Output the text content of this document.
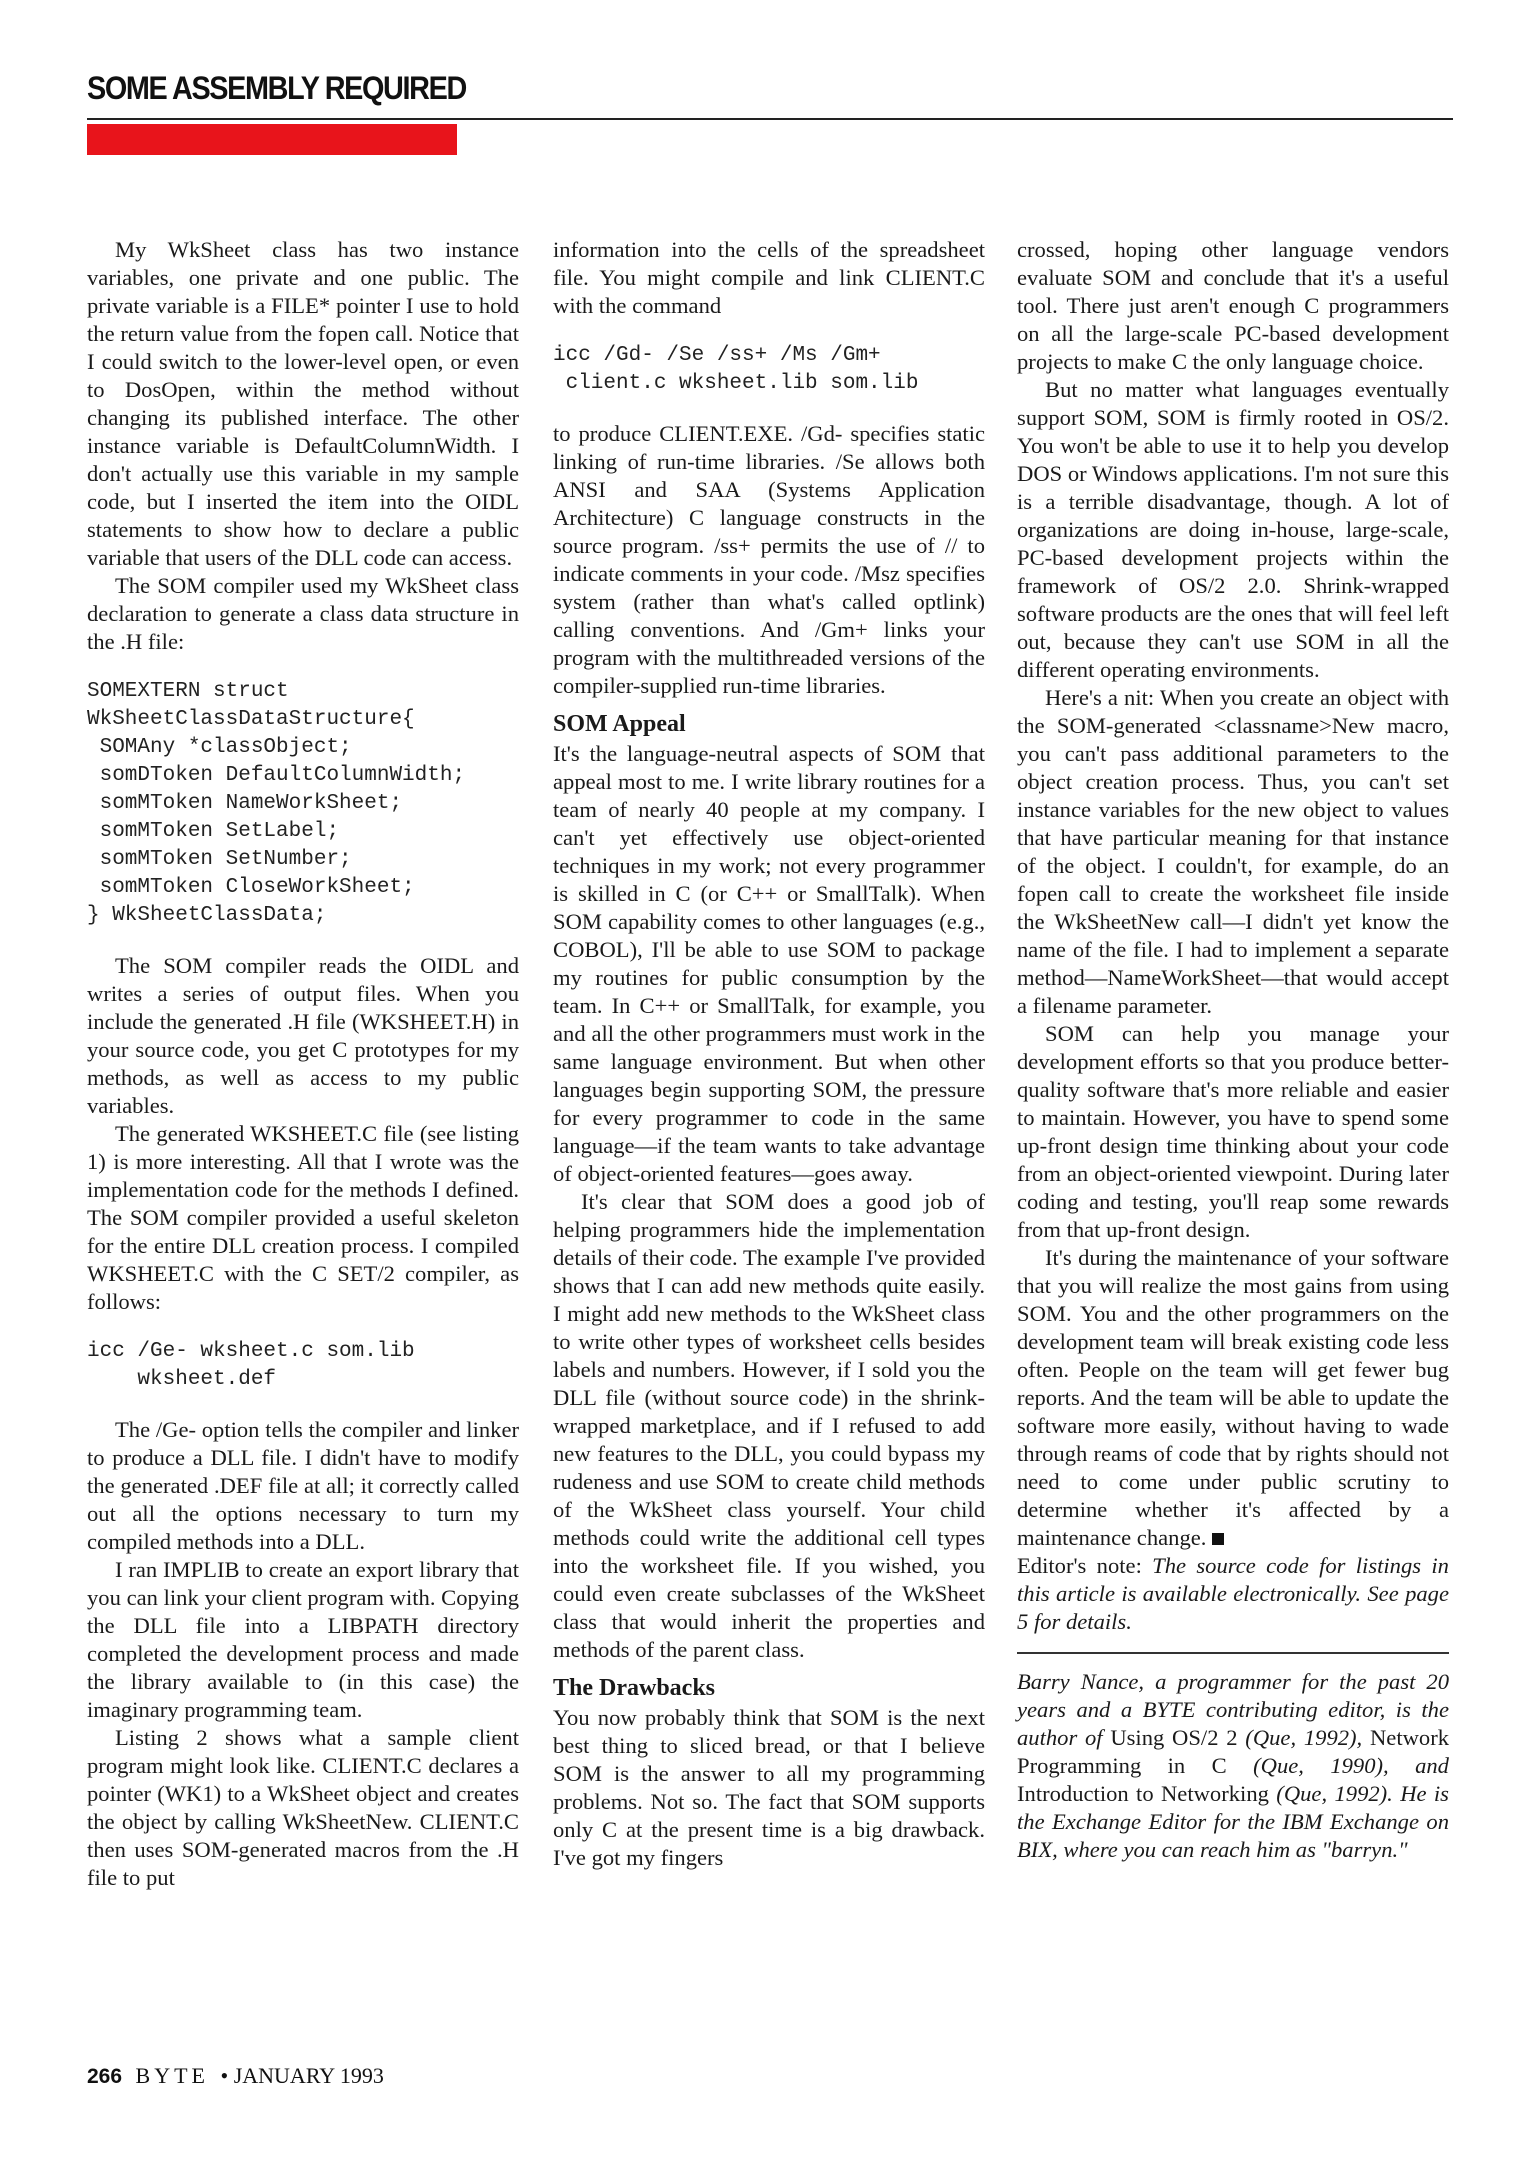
SOME ASSEMBLY REQUIRED

My WkSheet class has two instance variables, one private and one public. The private variable is a FILE* pointer I use to hold the return value from the fopen call. Notice that I could switch to the lower-level open, or even to DosOpen, within the method without changing its published interface. The other instance variable is DefaultColumnWidth. I don't actually use this variable in my sample code, but I inserted the item into the OIDL statements to show how to declare a public variable that users of the DLL code can access.

The SOM compiler used my WkSheet class declaration to generate a class data structure in the .H file:

SOMEXTERN struct
WkSheetClassDataStructure{
SOMAny *classObject;
somDToken DefaultColumnWidth;
somMToken NameWorkSheet;
somMToken SetLabel;
somMToken SetNumber;
somMToken CloseWorkSheet;
} WkSheetClassData;

The SOM compiler reads the OIDL and writes a series of output files. When you include the generated .H file (WKSHEET.H) in your source code, you get C prototypes for my methods, as well as access to my public variables.

The generated WKSHEET.C file (see listing 1) is more interesting. All that I wrote was the implementation code for the methods I defined. The SOM compiler provided a useful skeleton for the entire DLL creation process. I compiled WKSHEET.C with the C SET/2 compiler, as follows:

icc /Ge- wksheet.c som.lib
wksheet.def

The /Ge- option tells the compiler and linker to produce a DLL file. I didn't have to modify the generated .DEF file at all; it correctly called out all the options necessary to turn my compiled methods into a DLL.

I ran IMPLIB to create an export library that you can link your client program with. Copying the DLL file into a LIBPATH directory completed the development process and made the library available to (in this case) the imaginary programming team.

Listing 2 shows what a sample client program might look like. CLIENT.C declares a pointer (WK1) to a WkSheet object and creates the object by calling WkSheetNew. CLIENT.C then uses SOM-generated macros from the .H file to put

information into the cells of the spreadsheet file. You might compile and link CLIENT.C with the command

icc /Gd- /Se /ss+ /Ms /Gm+
client.c wksheet.lib som.lib

to produce CLIENT.EXE. /Gd- specifies static linking of run-time libraries. /Se allows both ANSI and SAA (Systems Application Architecture) C language constructs in the source program. /ss+ permits the use of // to indicate comments in your code. /Msz specifies system (rather than what's called optlink) calling conventions. And /Gm+ links your program with the multithreaded versions of the compiler-supplied run-time libraries.

SOM Appeal

It's the language-neutral aspects of SOM that appeal most to me. I write library routines for a team of nearly 40 people at my company. I can't yet effectively use object-oriented techniques in my work; not every programmer is skilled in C (or C++ or SmallTalk). When SOM capability comes to other languages (e.g., COBOL), I'll be able to use SOM to package my routines for public consumption by the team. In C++ or SmallTalk, for example, you and all the other programmers must work in the same language environment. But when other languages begin supporting SOM, the pressure for every programmer to code in the same language—if the team wants to take advantage of object-oriented features—goes away.

It's clear that SOM does a good job of helping programmers hide the implementation details of their code. The example I've provided shows that I can add new methods quite easily. I might add new methods to the WkSheet class to write other types of worksheet cells besides labels and numbers. However, if I sold you the DLL file (without source code) in the shrink-wrapped marketplace, and if I refused to add new features to the DLL, you could bypass my rudeness and use SOM to create child methods of the WkSheet class yourself. Your child methods could write the additional cell types into the worksheet file. If you wished, you could even create subclasses of the WkSheet class that would inherit the properties and methods of the parent class.

The Drawbacks

You now probably think that SOM is the next best thing to sliced bread, or that I believe SOM is the answer to all my programming problems. Not so. The fact that SOM supports only C at the present time is a big drawback. I've got my fingers

crossed, hoping other language vendors evaluate SOM and conclude that it's a useful tool. There just aren't enough C programmers on all the large-scale PC-based development projects to make C the only language choice.

But no matter what languages eventually support SOM, SOM is firmly rooted in OS/2. You won't be able to use it to help you develop DOS or Windows applications. I'm not sure this is a terrible disadvantage, though. A lot of organizations are doing in-house, large-scale, PC-based development projects within the framework of OS/2 2.0. Shrink-wrapped software products are the ones that will feel left out, because they can't use SOM in all the different operating environments.

Here's a nit: When you create an object with the SOM-generated <classname>New macro, you can't pass additional parameters to the object creation process. Thus, you can't set instance variables for the new object to values that have particular meaning for that instance of the object. I couldn't, for example, do an fopen call to create the worksheet file inside the WkSheetNew call—I didn't yet know the name of the file. I had to implement a separate method—NameWorkSheet—that would accept a filename parameter.

SOM can help you manage your development efforts so that you produce better-quality software that's more reliable and easier to maintain. However, you have to spend some up-front design time thinking about your code from an object-oriented viewpoint. During later coding and testing, you'll reap some rewards from that up-front design.

It's during the maintenance of your software that you will realize the most gains from using SOM. You and the other programmers on the development team will break existing code less often. People on the team will get fewer bug reports. And the team will be able to update the software more easily, without having to wade through reams of code that by rights should not need to come under public scrutiny to determine whether it's affected by a maintenance change.

Editor's note: The source code for listings in this article is available electronically. See page 5 for details.

Barry Nance, a programmer for the past 20 years and a BYTE contributing editor, is the author of Using OS/2 2 (Que, 1992), Network Programming in C (Que, 1990), and Introduction to Networking (Que, 1992). He is the Exchange Editor for the IBM Exchange on BIX, where you can reach him as "barryn."

266 BYTE • JANUARY 1993
